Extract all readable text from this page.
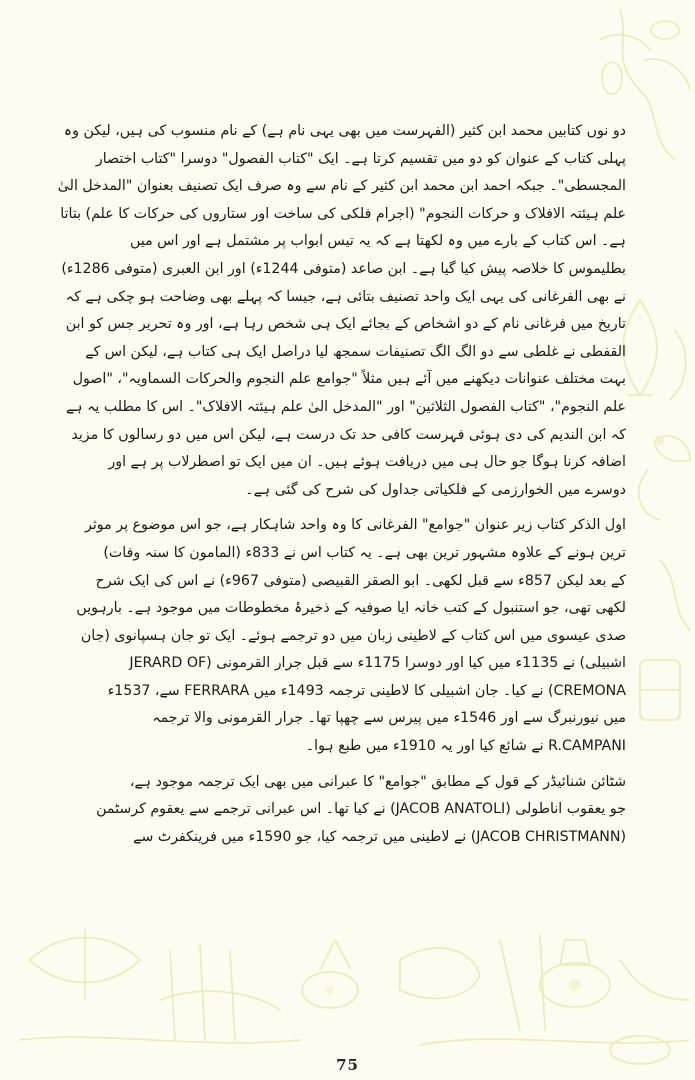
دو نوں کتابیں محمد ابن کثیر (الفہرست میں بھی یہی نام ہے) کے نام منسوب کی ہیں، لیکن وہ
پہلی کتاب کے عنوان کو دو میں تقسیم کرتا ہے۔ ایک "کتاب الفصول" دوسرا "کتاب اختصار
المجسطی"۔ جبکہ احمد ابن محمد ابن کثیر کے نام سے وہ صرف ایک تصنیف بعنوان "المدخل الیٰ
علم ہیئتہ الافلاک و حرکات النجوم" (اجرام فلکی کی ساخت اور ستاروں کی حرکات کا علم) بتاتا
ہے۔ اس کتاب کے بارے میں وہ لکھتا ہے کہ یہ تیس ابواب پر مشتمل ہے اور اس میں
بطلیموس کا خلاصہ پیش کیا گیا ہے۔ ابن صاعد (متوفی 1244ء) اور ابن العبری (متوفی 1286ء)
نے بھی الفرغانی کی یہی ایک واحد تصنیف بتائی ہے، جیسا کہ پہلے بھی وضاحت ہو چکی ہے کہ
تاریخ میں فرغانی نام کے دو اشخاص کے بجائے ایک ہی شخص رہا ہے، اور وہ تحریر جس کو ابن
القفطی نے غلطی سے دو الگ الگ تصنیفات سمجھ لیا دراصل ایک ہی کتاب ہے، لیکن اس کے
بہت مختلف عنوانات دیکھنے میں آئے ہیں مثلاً "جوامع علم النجوم والحرکات السماویہ"، "اصول
علم النجوم"، "کتاب الفصول الثلاثین" اور "المدخل الیٰ علم ہیئتہ الافلاک"۔ اس کا مطلب یہ ہے
کہ ابن الندیم کی دی ہوئی فہرست کافی حد تک درست ہے، لیکن اس میں دو رسالوں کا مزید
اضافہ کرنا ہوگا جو حال ہی میں دریافت ہوئے ہیں۔ ان میں ایک تو اصطرلاب پر ہے اور
دوسرے میں الخوارزمی کے فلکیاتی جداول کی شرح کی گئی ہے۔
اول الذکر کتاب زیر عنوان "جوامع" الفرغانی کا وہ واحد شاہکار ہے، جو اس موضوع پر موثر
ترین ہونے کے علاوہ مشہور ترین بھی ہے۔ یہ کتاب اس نے 833ء (المامون کا سنہ وفات)
کے بعد لیکن 857ء سے قبل لکھی۔ ابو الصقر القبیصی (متوفی 967ء) نے اس کی ایک شرح
لکھی تھی، جو استنبول کے کتب خانہ ایا صوفیہ کے ذخیرۂ مخطوطات میں موجود ہے۔ بارہویں
صدی عیسوی میں اس کتاب کے لاطینی زبان میں دو ترجمے ہوئے۔ ایک تو جان ہسپانوی (جان
اشبیلی) نے 1135ء میں کیا اور دوسرا 1175ء سے قبل جرار القرمونی (JERARD OF
CREMONA) نے کیا۔ جان اشبیلی کا لاطینی ترجمہ 1493ء میں FERRARA سے، 1537ء
میں نیورنبرگ سے اور 1546ء میں پیرس سے چھپا تھا۔ جرار القرمونی والا ترجمہ
R.CAMPANI نے شائع کیا اور یہ 1910ء میں طبع ہوا۔
شٹائن شنائیڈر کے قول کے مطابق "جوامع" کا عبرانی میں بھی ایک ترجمہ موجود ہے،
جو یعقوب اناطولی (JACOB ANATOLI) نے کیا تھا۔ اس عبرانی ترجمے سے یعقوم کرسٹمن
(JACOB CHRISTMANN) نے لاطینی میں ترجمہ کیا، جو 1590ء میں فرینکفرٹ سے
75
